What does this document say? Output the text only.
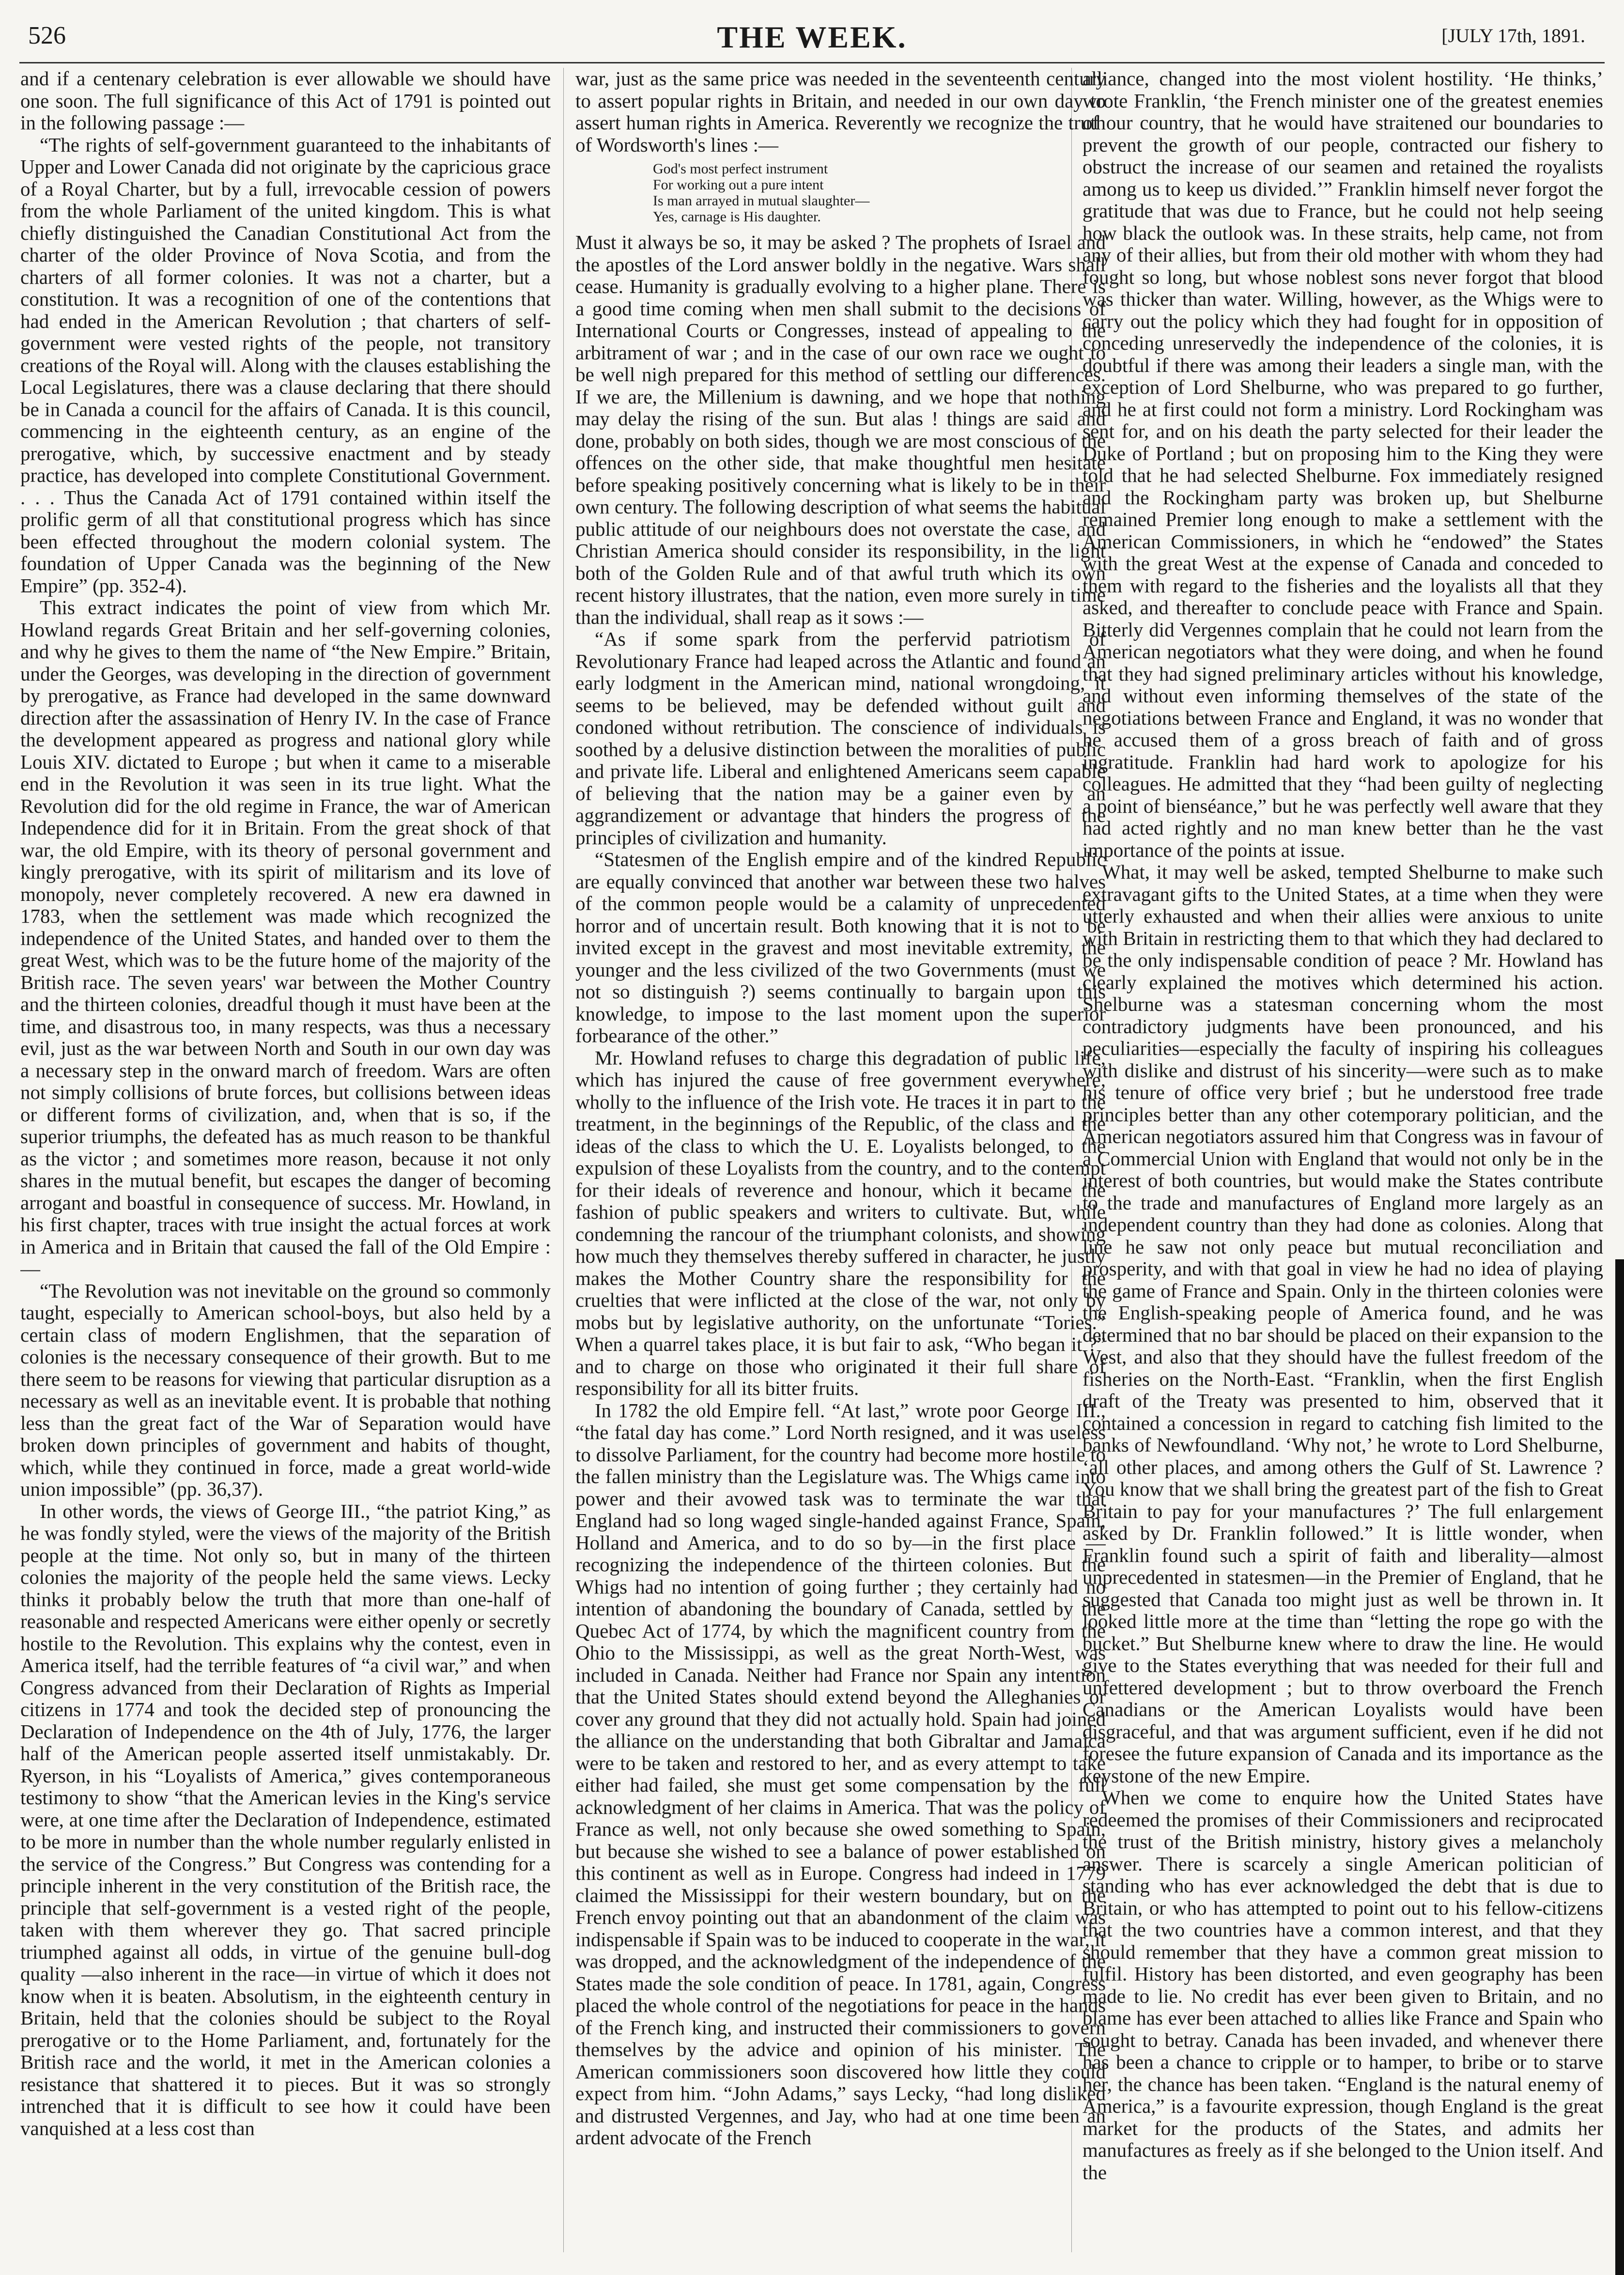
526	THE WEEK.	[JULY 17th, 1891.

and if a centenary celebration is ever allowable we should have one soon. The full significance of this Act of 1791 is pointed out in the following passage :—

“The rights of self-government guaranteed to the inhabitants of Upper and Lower Canada did not originate by the capricious grace of a Royal Charter, but by a full, irrevocable cession of powers from the whole Parliament of the united kingdom. This is what chiefly distinguished the Canadian Constitutional Act from the charter of the older Province of Nova Scotia, and from the charters of all former colonies. It was not a charter, but a constitution. It was a recognition of one of the contentions that had ended in the American Revolution ; that charters of self-government were vested rights of the people, not transitory creations of the Royal will. Along with the clauses establishing the Local Legislatures, there was a clause declaring that there should be in Canada a council for the affairs of Canada. It is this council, commencing in the eighteenth century, as an engine of the prerogative, which, by successive enactment and by steady practice, has developed into complete Constitutional Government. . . . Thus the Canada Act of 1791 contained within itself the prolific germ of all that constitutional progress which has since been effected throughout the modern colonial system. The foundation of Upper Canada was the beginning of the New Empire” (pp. 352-4).

This extract indicates the point of view from which Mr. Howland regards Great Britain and her self-governing colonies, and why he gives to them the name of “the New Empire.” Britain, under the Georges, was developing in the direction of government by prerogative, as France had developed in the same downward direction after the assassination of Henry IV. In the case of France the development appeared as progress and national glory while Louis XIV. dictated to Europe ; but when it came to a miserable end in the Revolution it was seen in its true light. What the Revolution did for the old regime in France, the war of American Independence did for it in Britain. From the great shock of that war, the old Empire, with its theory of personal government and kingly prerogative, with its spirit of militarism and its love of monopoly, never completely recovered. A new era dawned in 1783, when the settlement was made which recognized the independence of the United States, and handed over to them the great West, which was to be the future home of the majority of the British race. The seven years' war between the Mother Country and the thirteen colonies, dreadful though it must have been at the time, and disastrous too, in many respects, was thus a necessary evil, just as the war between North and South in our own day was a necessary step in the onward march of freedom. Wars are often not simply collisions of brute forces, but collisions between ideas or different forms of civilization, and, when that is so, if the superior triumphs, the defeated has as much reason to be thankful as the victor ; and sometimes more reason, because it not only shares in the mutual benefit, but escapes the danger of becoming arrogant and boastful in consequence of success. Mr. Howland, in his first chapter, traces with true insight the actual forces at work in America and in Britain that caused the fall of the Old Empire :—

“The Revolution was not inevitable on the ground so commonly taught, especially to American school-boys, but also held by a certain class of modern Englishmen, that the separation of colonies is the necessary consequence of their growth. But to me there seem to be reasons for viewing that particular disruption as a necessary as well as an inevitable event. It is probable that nothing less than the great fact of the War of Separation would have broken down principles of government and habits of thought, which, while they continued in force, made a great world-wide union impossible” (pp. 36,37).

In other words, the views of George III., “the patriot King,” as he was fondly styled, were the views of the majority of the British people at the time. Not only so, but in many of the thirteen colonies the majority of the people held the same views. Lecky thinks it probably below the truth that more than one-half of reasonable and respected Americans were either openly or secretly hostile to the Revolution. This explains why the contest, even in America itself, had the terrible features of “a civil war,” and when Congress advanced from their Declaration of Rights as Imperial citizens in 1774 and took the decided step of pronouncing the Declaration of Independence on the 4th of July, 1776, the larger half of the American people asserted itself unmistakably. Dr. Ryerson, in his “Loyalists of America,” gives contemporaneous testimony to show “that the American levies in the King's service were, at one time after the Declaration of Independence, estimated to be more in number than the whole number regularly enlisted in the service of the Congress.” But Congress was contending for a principle inherent in the very constitution of the British race, the principle that self-government is a vested right of the people, taken with them wherever they go. That sacred principle triumphed against all odds, in virtue of the genuine bull-dog quality —also inherent in the race—in virtue of which it does not know when it is beaten. Absolutism, in the eighteenth century in Britain, held that the colonies should be subject to the Royal prerogative or to the Home Parliament, and, fortunately for the British race and the world, it met in the American colonies a resistance that shattered it to pieces. But it was so strongly intrenched that it is difficult to see how it could have been vanquished at a less cost than

war, just as the same price was needed in the seventeenth century to assert popular rights in Britain, and needed in our own day to assert human rights in America. Reverently we recognize the truth of Wordsworth's lines :—

God's most perfect instrument
For working out a pure intent
Is man arrayed in mutual slaughter—
Yes, carnage is His daughter.

Must it always be so, it may be asked ? The prophets of Israel and the apostles of the Lord answer boldly in the negative. Wars shall cease. Humanity is gradually evolving to a higher plane. There is a good time coming when men shall submit to the decisions of International Courts or Congresses, instead of appealing to the arbitrament of war ; and in the case of our own race we ought to be well nigh prepared for this method of settling our differences. If we are, the Millenium is dawning, and we hope that nothing may delay the rising of the sun. But alas ! things are said and done, probably on both sides, though we are most conscious of the offences on the other side, that make thoughtful men hesitate before speaking positively concerning what is likely to be in their own century. The following description of what seems the habitual public attitude of our neighbours does not overstate the case, and Christian America should consider its responsibility, in the light both of the Golden Rule and of that awful truth which its own recent history illustrates, that the nation, even more surely in time than the individual, shall reap as it sows :—

“As if some spark from the perfervid patriotism of Revolutionary France had leaped across the Atlantic and found an early lodgment in the American mind, national wrongdoing, it seems to be believed, may be defended without guilt and condoned without retribution. The conscience of individuals is soothed by a delusive distinction between the moralities of public and private life. Liberal and enlightened Americans seem capable of believing that the nation may be a gainer even by an aggrandizement or advantage that hinders the progress of the principles of civilization and humanity.

“Statesmen of the English empire and of the kindred Republic are equally convinced that another war between these two halves of the common people would be a calamity of unprecedented horror and of uncertain result. Both knowing that it is not to be invited except in the gravest and most inevitable extremity, the younger and the less civilized of the two Governments (must we not so distinguish ?) seems continually to bargain upon this knowledge, to impose to the last moment upon the superior forbearance of the other.”

Mr. Howland refuses to charge this degradation of public life, which has injured the cause of free government everywhere, wholly to the influence of the Irish vote. He traces it in part to the treatment, in the beginnings of the Republic, of the class and the ideas of the class to which the U. E. Loyalists belonged, to the expulsion of these Loyalists from the country, and to the contempt for their ideals of reverence and honour, which it became the fashion of public speakers and writers to cultivate. But, while condemning the rancour of the triumphant colonists, and showing how much they themselves thereby suffered in character, he justly makes the Mother Country share the responsibility for the cruelties that were inflicted at the close of the war, not only by mobs but by legislative authority, on the unfortunate “Tories.” When a quarrel takes place, it is but fair to ask, “Who began it ?” and to charge on those who originated it their full share of responsibility for all its bitter fruits.

In 1782 the old Empire fell. “At last,” wrote poor George III., “the fatal day has come.” Lord North resigned, and it was useless to dissolve Parliament, for the country had become more hostile to the fallen ministry than the Legislature was. The Whigs came into power and their avowed task was to terminate the war that England had so long waged single-handed against France, Spain, Holland and America, and to do so by—in the first place —recognizing the independence of the thirteen colonies. But the Whigs had no intention of going further ; they certainly had no intention of abandoning the boundary of Canada, settled by the Quebec Act of 1774, by which the magnificent country from the Ohio to the Mississippi, as well as the great North-West, was included in Canada. Neither had France nor Spain any intention that the United States should extend beyond the Alleghanies or cover any ground that they did not actually hold. Spain had joined the alliance on the understanding that both Gibraltar and Jamaica were to be taken and restored to her, and as every attempt to take either had failed, she must get some compensation by the full acknowledgment of her claims in America. That was the policy of France as well, not only because she owed something to Spain, but because she wished to see a balance of power established on this continent as well as in Europe. Congress had indeed in 1779 claimed the Mississippi for their western boundary, but on the French envoy pointing out that an abandonment of the claim was indispensable if Spain was to be induced to cooperate in the war, it was dropped, and the acknowledgment of the independence of the States made the sole condition of peace. In 1781, again, Congress placed the whole control of the negotiations for peace in the hands of the French king, and instructed their commissioners to govern themselves by the advice and opinion of his minister. The American commissioners soon discovered how little they could expect from him. “John Adams,” says Lecky, “had long disliked and distrusted Vergennes, and Jay, who had at one time been an ardent advocate of the French

alliance, changed into the most violent hostility. ‘He thinks,’ wrote Franklin, ‘the French minister one of the greatest enemies of our country, that he would have straitened our boundaries to prevent the growth of our people, contracted our fishery to obstruct the increase of our seamen and retained the royalists among us to keep us divided.’” Franklin himself never forgot the gratitude that was due to France, but he could not help seeing how black the outlook was. In these straits, help came, not from any of their allies, but from their old mother with whom they had fought so long, but whose noblest sons never forgot that blood was thicker than water. Willing, however, as the Whigs were to carry out the policy which they had fought for in opposition of conceding unreservedly the independence of the colonies, it is doubtful if there was among their leaders a single man, with the exception of Lord Shelburne, who was prepared to go further, and he at first could not form a ministry. Lord Rockingham was sent for, and on his death the party selected for their leader the Duke of Portland ; but on proposing him to the King they were told that he had selected Shelburne. Fox immediately resigned and the Rockingham party was broken up, but Shelburne remained Premier long enough to make a settlement with the American Commissioners, in which he “endowed” the States with the great West at the expense of Canada and conceded to them with regard to the fisheries and the loyalists all that they asked, and thereafter to conclude peace with France and Spain. Bitterly did Vergennes complain that he could not learn from the American negotiators what they were doing, and when he found that they had signed preliminary articles without his knowledge, and without even informing themselves of the state of the negotiations between France and England, it was no wonder that he accused them of a gross breach of faith and of gross ingratitude. Franklin had hard work to apologize for his colleagues. He admitted that they “had been guilty of neglecting a point of bienséance,” but he was perfectly well aware that they had acted rightly and no man knew better than he the vast importance of the points at issue.

What, it may well be asked, tempted Shelburne to make such extravagant gifts to the United States, at a time when they were utterly exhausted and when their allies were anxious to unite with Britain in restricting them to that which they had declared to be the only indispensable condition of peace ? Mr. Howland has clearly explained the motives which determined his action. Shelburne was a statesman concerning whom the most contradictory judgments have been pronounced, and his peculiarities—especially the faculty of inspiring his colleagues with dislike and distrust of his sincerity—were such as to make his tenure of office very brief ; but he understood free trade principles better than any other cotemporary politician, and the American negotiators assured him that Congress was in favour of a Commercial Union with England that would not only be in the interest of both countries, but would make the States contribute to the trade and manufactures of England more largely as an independent country than they had done as colonies. Along that line he saw not only peace but mutual reconciliation and prosperity, and with that goal in view he had no idea of playing the game of France and Spain. Only in the thirteen colonies were the English-speaking people of America found, and he was determined that no bar should be placed on their expansion to the West, and also that they should have the fullest freedom of the fisheries on the North-East. “Franklin, when the first English draft of the Treaty was presented to him, observed that it contained a concession in regard to catching fish limited to the banks of Newfoundland. ‘Why not,’ he wrote to Lord Shelburne, ‘all other places, and among others the Gulf of St. Lawrence ? You know that we shall bring the greatest part of the fish to Great Britain to pay for your manufactures ?’ The full enlargement asked by Dr. Franklin followed.” It is little wonder, when Franklin found such a spirit of faith and liberality—almost unprecedented in statesmen—in the Premier of England, that he suggested that Canada too might just as well be thrown in. It looked little more at the time than “letting the rope go with the bucket.” But Shelburne knew where to draw the line. He would give to the States everything that was needed for their full and unfettered development ; but to throw overboard the French Canadians or the American Loyalists would have been disgraceful, and that was argument sufficient, even if he did not foresee the future expansion of Canada and its importance as the keystone of the new Empire.

When we come to enquire how the United States have redeemed the promises of their Commissioners and reciprocated the trust of the British ministry, history gives a melancholy answer. There is scarcely a single American politician of standing who has ever acknowledged the debt that is due to Britain, or who has attempted to point out to his fellow-citizens that the two countries have a common interest, and that they should remember that they have a common great mission to fulfil. History has been distorted, and even geography has been made to lie. No credit has ever been given to Britain, and no blame has ever been attached to allies like France and Spain who sought to betray. Canada has been invaded, and whenever there has been a chance to cripple or to hamper, to bribe or to starve her, the chance has been taken. “England is the natural enemy of America,” is a favourite expression, though England is the great market for the products of the States, and admits her manufactures as freely as if she belonged to the Union itself. And the
